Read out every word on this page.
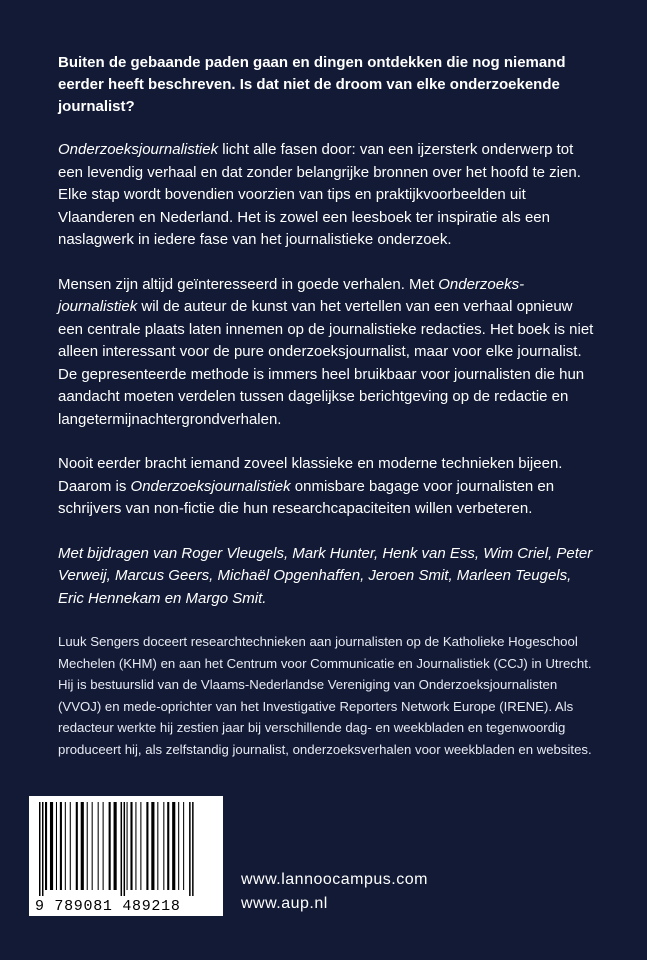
Buiten de gebaande paden gaan en dingen ontdekken die nog niemand eerder heeft beschreven. Is dat niet de droom van elke onderzoekende journalist?

Onderzoeksjournalistiek licht alle fasen door: van een ijzersterk onderwerp tot een levendig verhaal en dat zonder belangrijke bronnen over het hoofd te zien. Elke stap wordt bovendien voorzien van tips en praktijkvoorbeelden uit Vlaanderen en Nederland. Het is zowel een leesboek ter inspiratie als een naslagwerk in iedere fase van het journalistieke onderzoek.

Mensen zijn altijd geïnteresseerd in goede verhalen. Met Onderzoeks-journalistiek wil de auteur de kunst van het vertellen van een verhaal opnieuw een centrale plaats laten innemen op de journalistieke redacties. Het boek is niet alleen interessant voor de pure onderzoeksjournalist, maar voor elke journalist. De gepresenteerde methode is immers heel bruikbaar voor journalisten die hun aandacht moeten verdelen tussen dagelijkse berichtgeving op de redactie en langetermijnachtergrondverhalen.

Nooit eerder bracht iemand zoveel klassieke en moderne technieken bijeen. Daarom is Onderzoeksjournalistiek onmisbare bagage voor journalisten en schrijvers van non-fictie die hun researchcapaciteiten willen verbeteren.

Met bijdragen van Roger Vleugels, Mark Hunter, Henk van Ess, Wim Criel, Peter Verweij, Marcus Geers, Michaël Opgenhaffen, Jeroen Smit, Marleen Teugels, Eric Hennekam en Margo Smit.

Luuk Sengers doceert researchtechnieken aan journalisten op de Katholieke Hogeschool Mechelen (KHM) en aan het Centrum voor Communicatie en Journalistiek (CCJ) in Utrecht. Hij is bestuurslid van de Vlaams-Nederlandse Vereniging van Onderzoeksjournalisten (VVOJ) en mede-oprichter van het Investigative Reporters Network Europe (IRENE). Als redacteur werkte hij zestien jaar bij verschillende dag- en weekbladen en tegenwoordig produceert hij, als zelfstandig journalist, onderzoeksverhalen voor weekbladen en websites.

9 789081 489218
www.lannoocampus.com
www.aup.nl
